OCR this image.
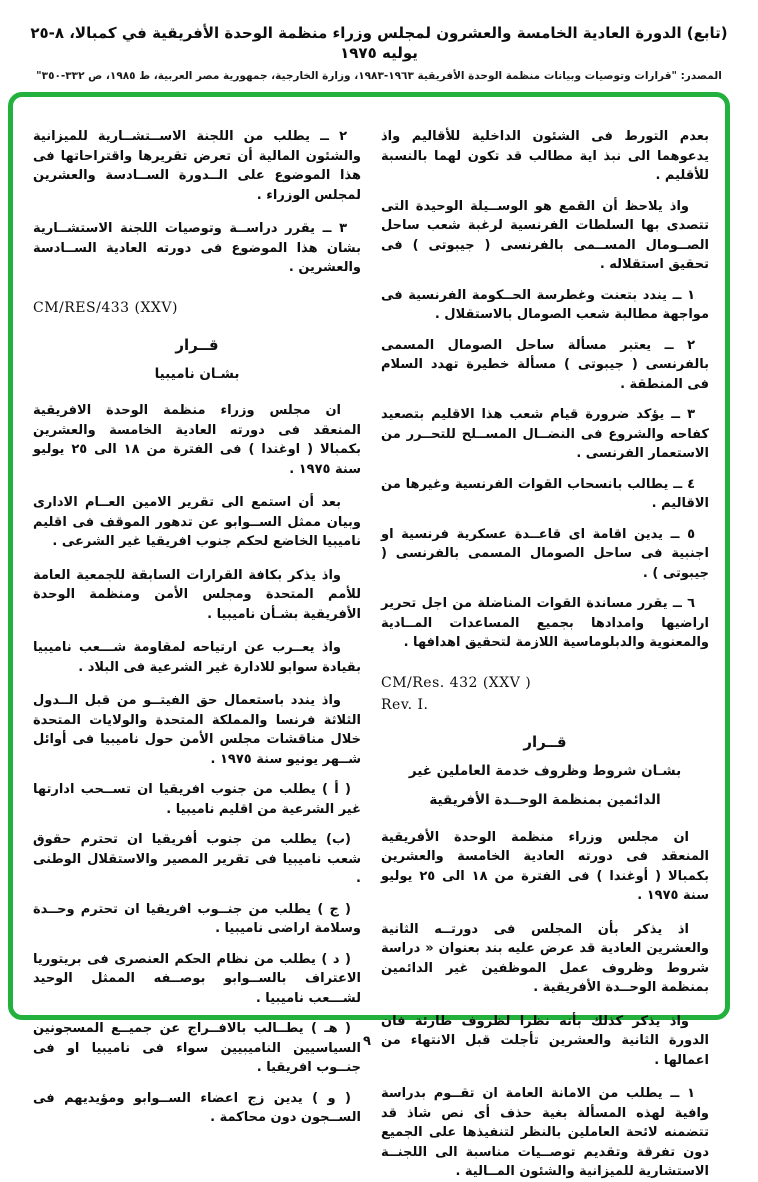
(تابع) الدورة العادية الخامسة والعشرون لمجلس وزراء منظمة الوحدة الأفريقية في كمبالا، ٨-٢٥ يوليه ١٩٧٥
المصدر: "قرارات وتوصيات وبيانات منظمة الوحدة الأفريقية ١٩٦٣-١٩٨٣، وزارة الخارجية، جمهورية مصر العربية، ط ١٩٨٥، ص ٣٣٢-٣٥٠"
بعدم التورط فى الشئون الداخلية للأقاليم واذ يدعوهما الى نبذ اية مطالب قد تكون لهما بالنسبة للأقليم .
واذ يلاحظ أن القمع هو الوســيلة الوحيدة التى تتصدى بها السلطات الفرنسية لرغبة شعب ساحل الصــومال المســمى بالفرنسى ( جيبوتى ) فى تحقيق استقلاله .
١ ــ يندد بتعنت وغطرسة الحــكومة الفرنسية فى مواجهة مطالبة شعب الصومال بالاستقلال .
٢ ــ يعتبر مسألة ساحل الصومال المسمى بالفرنسى ( جيبوتى ) مسألة خطيرة تهدد السلام فى المنطقة .
٣ ــ يؤكد ضرورة قيام شعب هذا الاقليم بتصعيد كفاحه والشروع فى النضــال المســلح للتحــرر من الاستعمار الفرنسى .
٤ ــ يطالب بانسحاب القوات الفرنسية وغيرها من الاقاليم .
٥ ــ يدين اقامة اى قاعــدة عسكرية فرنسية او اجنبية فى ساحل الصومال المسمى بالفرنسى ( جيبوتى ) .
٦ ــ يقرر مساندة القوات المناضلة من اجل تحرير اراضيها وامدادها بجميع المساعدات المــادية والمعنوية والدبلوماسية اللازمة لتحقيق اهدافها .
CM/Res. 432 (XXV )
Rev. I.
قــرار
بشـان شروط وظروف خدمة العاملين غير
الدائمين بمنظمة الوحــدة الأفريقية
ان مجلس وزراء منظمة الوحدة الأفريقية المنعقد فى دورته العادية الخامسة والعشرين بكمبالا ( أوغندا ) فى الفترة من ١٨ الى ٢٥ يوليو سنة ١٩٧٥ .
اذ يذكر بأن المجلس فى دورتــه الثانية والعشرين العادية قد عرض عليه بند بعنوان « دراسة شروط وظروف عمل الموظفين غير الدائمين بمنظمة الوحــدة الأفريقية .
واذ يذكر كذلك بأنه نظرا لظروف طارئة فان الدورة الثانية والعشرين تأجلت قبل الانتهاء من اعمالها .
١ ــ يطلب من الامانة العامة ان تقــوم بدراسة وافية لهذه المسألة بغية حذف أى نص شاذ قد تتضمنه لائحة العاملين بالنظر لتنفيذها على الجميع دون تفرقة وتقديم توصــيات مناسبة الى اللجنــة الاستشارية للميزانية والشئون المــالية .
٢ ــ يطلب من اللجنة الاســتشــارية للميزانية والشئون المالية أن تعرض تقريرها واقتراحاتها فى هذا الموضوع على الــدورة الســادسة والعشرين لمجلس الوزراء .
٣ ــ يقرر دراســة وتوصيات اللجنة الاستشــارية بشان هذا الموضوع فى دورته العادية الســادسة والعشرين .
CM/RES/433 (XXV)
قــرار
بشـان ناميبيا
ان مجلس وزراء منظمة الوحدة الافريقية المنعقد فى دورته العادية الخامسة والعشرين بكمبالا ( اوغندا ) فى الفترة من ١٨ الى ٢٥ يوليو سنة ١٩٧٥ .
بعد أن استمع الى تقرير الامين العــام الادارى وبيان ممثل الســوابو عن تدهور الموقف فى اقليم ناميبيا الخاضع لحكم جنوب افريقيا غير الشرعى .
واذ يذكر بكافة القرارات السابقة للجمعية العامة للأمم المتحدة ومجلس الأمن ومنظمة الوحدة الأفريقية بشـأن ناميبيا .
واذ يعــرب عن ارتياحه لمقاومة شـــعب ناميبيا بقيادة سوابو للادارة غير الشرعية فى البلاد .
واذ يندد باستعمال حق الفيتــو من قبل الــدول الثلاثة فرنسا والمملكة المتحدة والولايات المتحدة خلال مناقشات مجلس الأمن حول ناميبيا فى أوائل شــهر يونيو سنة ١٩٧٥ .
( أ ) يطلب من جنوب افريقيا ان تســحب ادارتها غير الشرعية من اقليم ناميبيا .
(ب) يطلب من جنوب أفريقيا ان تحترم حقوق شعب ناميبيا فى تقرير المصير والاستقلال الوطنى .
( ج ) يطلب من جنــوب افريقيا ان تحترم وحــدة وسلامة اراضى ناميبيا .
( د ) يطلب من نظام الحكم العنصرى فى بريتوريا الاعتراف بالســوابو بوصــفه الممثل الوحيد لشـــعب ناميبيا .
( هـ ) يطــالب بالافــراج عن جميــع المسجونين السياسيين الناميبيين سواء فى ناميبيا او فى جنــوب افريقيا .
( و ) يدين زج اعضاء الســوابو ومؤيديهم فى الســجون دون محاكمة .
٩
